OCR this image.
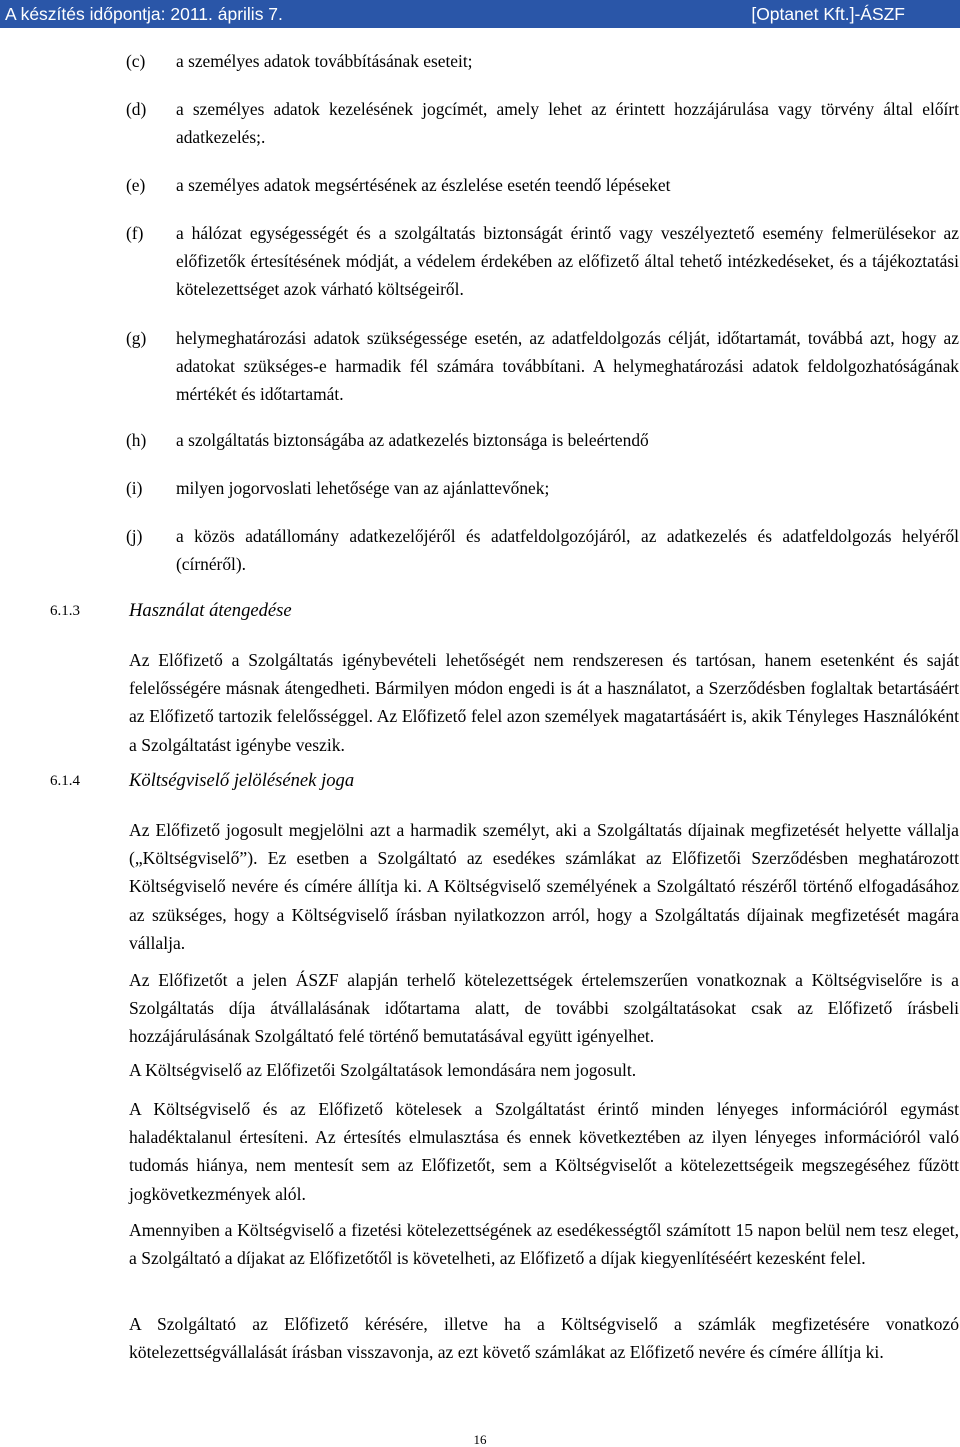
A készítés időpontja: 2011. április 7.	[Optanet Kft.]-ÁSZF
(c) a személyes adatok továbbításának eseteit;
(d) a személyes adatok kezelésének jogcímét, amely lehet az érintett hozzájárulása vagy törvény által előírt adatkezelés;.
(e) a személyes adatok megsértésének az észlelése esetén teendő lépéseket
(f) a hálózat egységességét és a szolgáltatás biztonságát érintő vagy veszélyeztető esemény felmerülésekor az előfizetők értesítésének módját, a védelem érdekében az előfizető által tehető intézkedéseket, és a tájékoztatási kötelezettséget azok várható költségeiről.
(g) helymeghatározási adatok szükségessége esetén, az adatfeldolgozás célját, időtartamát, továbbá azt, hogy az adatokat szükséges-e harmadik fél számára továbbítani. A helymeghatározási adatok feldolgozhatóságának mértékét és időtartamát.
(h) a szolgáltatás biztonságába az adatkezelés biztonsága is beleértendő
(i) milyen jogorvoslati lehetősége van az ajánlattevőnek;
(j) a közös adatállomány adatkezelőjéről és adatfeldolgozójáról, az adatkezelés és adatfeldolgozás helyéről (círnéről).
6.1.3	Használat átengedése
Az Előfizető a Szolgáltatás igénybevételi lehetőségét nem rendszeresen és tartósan, hanem esetenként és saját felelősségére másnak átengedheti. Bármilyen módon engedi is át a használatot, a Szerződésben foglaltak betartásáért az Előfizető tartozik felelősséggel. Az Előfizető felel azon személyek magatartásáért is, akik Tényleges Használóként a Szolgáltatást igénybe veszik.
6.1.4	Költségviselő jelölésének joga
Az Előfizető jogosult megjelölni azt a harmadik személyt, aki a Szolgáltatás díjainak megfizetését helyette vállalja („Költségviselő”). Ez esetben a Szolgáltató az esedékes számlákat az Előfizetői Szerződésben meghatározott Költségviselő nevére és címére állítja ki. A Költségviselő személyének a Szolgáltató részéről történő elfogadásához az szükséges, hogy a Költségviselő írásban nyilatkozzon arról, hogy a Szolgáltatás díjainak megfizetését magára vállalja.
Az Előfizetőt a jelen ÁSZF alapján terhelő kötelezettségek értelemszerűen vonatkoznak a Költségviselőre is a Szolgáltatás díja átvállalásának időtartama alatt, de további szolgáltatásokat csak az Előfizető írásbeli hozzájárulásának Szolgáltató felé történő bemutatásával együtt igényelhet.
A Költségviselő az Előfizetői Szolgáltatások lemondására nem jogosult.
A Költségviselő és az Előfizető kötelesek a Szolgáltatást érintő minden lényeges információról egymást haladéktalanul értesíteni. Az értesítés elmulasztása és ennek következtében az ilyen lényeges információról való tudomás hiánya, nem mentesít sem az Előfizetőt, sem a Költségviselőt a kötelezettségeik megszegéséhez fűzött jogkövetkezmények alól.
Amennyiben a Költségviselő a fizetési kötelezettségének az esedékességtől számított 15 napon belül nem tesz eleget, a Szolgáltató a díjakat az Előfizetőtől is követelheti, az Előfizető a díjak kiegyenlítéséért kezesként felel.
A Szolgáltató az Előfizető kérésére, illetve ha a Költségviselő a számlák megfizetésére vonatkozó kötelezettségvállalását írásban visszavonja, az ezt követő számlákat az Előfizető nevére és címére állítja ki.
16
